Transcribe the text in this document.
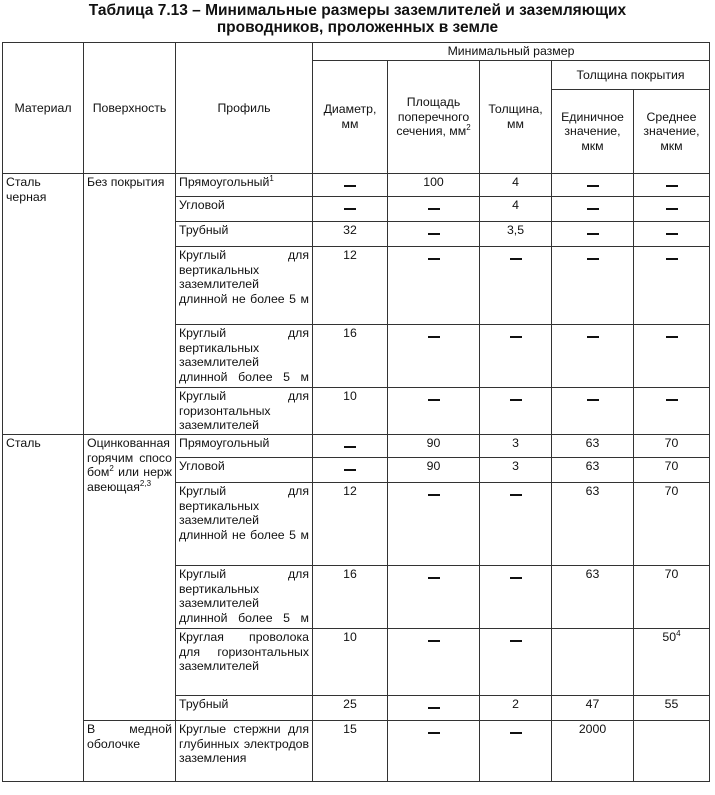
Таблица 7.13 – Минимальные размеры заземлителей и заземляющих
проводников, проложенных в земле
Материал	Поверхность	Профиль	Минимальный размер				
			Диаметр, мм	Площадь поперечного сечения, $мм^2$	Толщина, мм	Толщина покрытия	
						Единичное значение, мкм	Среднее значение, мкм
Сталь черная	Без покрытия	Прямоугольный$^1$		100	4		
		Угловой			4		
		Трубный	32		3,5		
		Круглый для вертикальных заземлителей длинной не более 5 м	12				
		Круглый для вертикальных заземлителей длинной более 5 м	16				
		Круглый для горизонтальных заземлителей	10				
Сталь	Оцинкованная горячим способом$^2$ или нержавеющая$^{2,3}$	Прямоугольный		90	3	63	70
		Угловой		90	3	63	70
		Круглый для вертикальных заземлителей длинной не более 5 м	12			63	70
		Круглый для вертикальных заземлителей длинной более 5 м	16			63	70
		Круглая проволока для горизонтальных заземлителей	10				$50^4$
		Трубный	25		2	47	55
	В медной оболочке	Круглые стержни для глубинных электродов заземления	15			2000	
